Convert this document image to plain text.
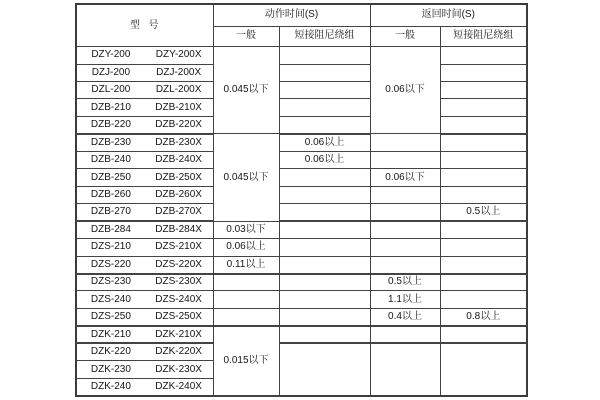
型  号	动作时间(S)		返回时间(S)	
	一般	短接阻尼绕组	一般	短接阻尼绕组

DZY-200 DZY-200X	0.045以下		0.06以下	

DZJ-200 DZJ-200X				

DZL-200 DZL-200X				

DZB-210 DZB-210X				

DZB-220 DZB-220X				

DZB-230 DZB-230X	0.045以下	0.06以上		

DZB-240 DZB-240X		0.06以上		

DZB-250 DZB-250X			0.06以下	

DZB-260 DZB-260X				

DZB-270 DZB-270X				0.5以上

DZB-284 DZB-284X	0.03以下			

DZS-210 DZS-210X	0.06以上			

DZS-220 DZS-220X	0.11以上			

DZS-230 DZS-230X			0.5以上	

DZS-240 DZS-240X			1.1以上	

DZS-250 DZS-250X			0.4以上	0.8以上

DZK-210 DZK-210X	0.015以下			

DZK-220 DZK-220X				

DZK-230 DZK-230X				

DZK-240 DZK-240X				
